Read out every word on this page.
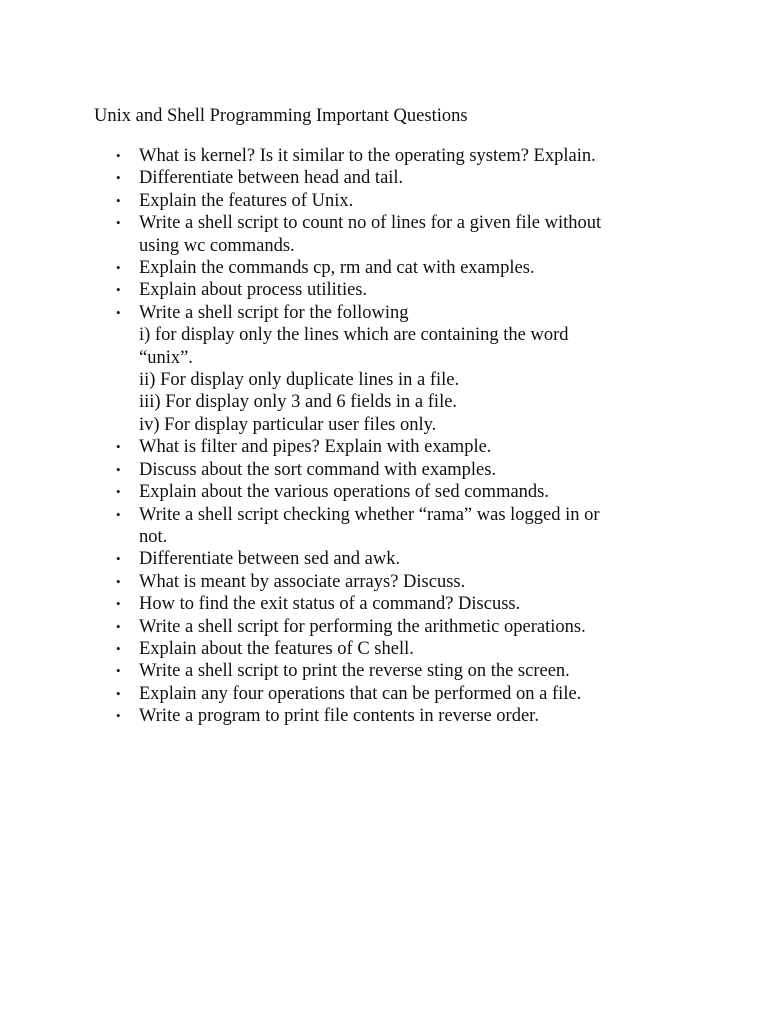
Unix and Shell Programming Important Questions
• What is kernel? Is it similar to the operating system? Explain.
• Differentiate between head and tail.
• Explain the features of Unix.
• Write a shell script to count no of lines for a given file without
using wc commands.
• Explain the commands cp, rm and cat with examples.
• Explain about process utilities.
• Write a shell script for the following
i) for display only the lines which are containing the word
“unix”.
ii) For display only duplicate lines in a file.
iii) For display only 3 and 6 fields in a file.
iv) For display particular user files only.
• What is filter and pipes? Explain with example.
• Discuss about the sort command with examples.
• Explain about the various operations of sed commands.
• Write a shell script checking whether “rama” was logged in or
not.
• Differentiate between sed and awk.
• What is meant by associate arrays? Discuss.
• How to find the exit status of a command? Discuss.
• Write a shell script for performing the arithmetic operations.
• Explain about the features of C shell.
• Write a shell script to print the reverse sting on the screen.
• Explain any four operations that can be performed on a file.
• Write a program to print file contents in reverse order.
